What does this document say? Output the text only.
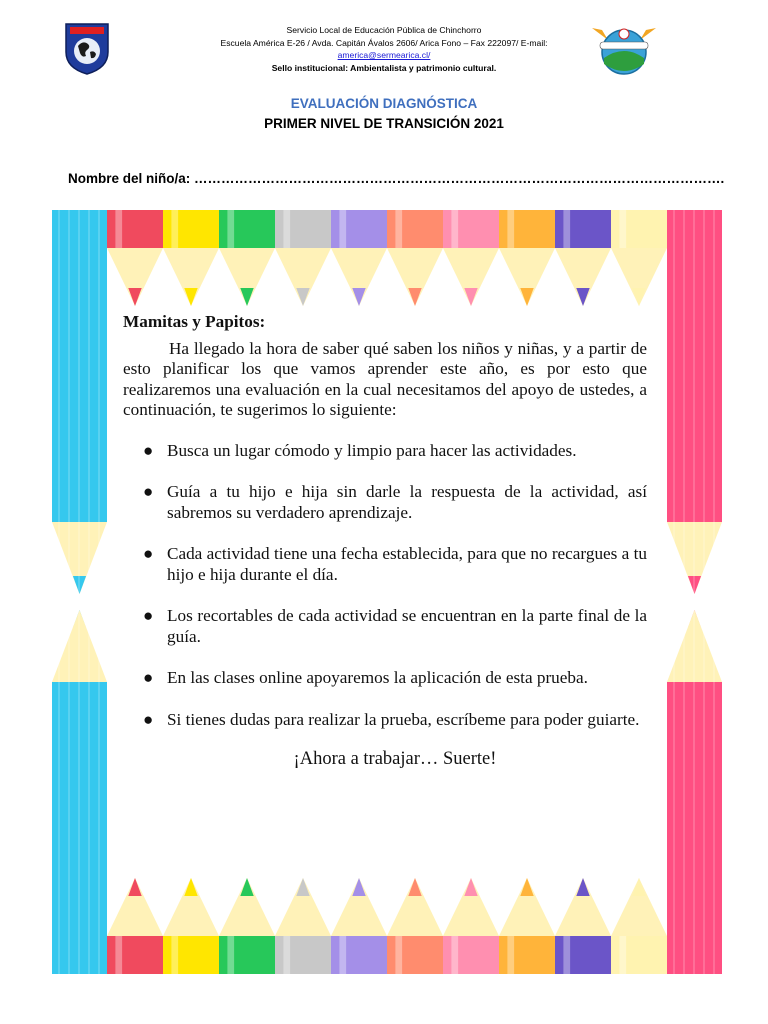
Servicio Local de Educación Pública de Chinchorro
Escuela América E-26 / Avda. Capitán Ávalos 2606/ Arica Fono – Fax 222097/ E-mail:
america@sermearica.cl/
Sello institucional: Ambientalista y patrimonio cultural.
EVALUACIÓN DIAGNÓSTICA
PRIMER NIVEL DE TRANSICIÓN 2021
Nombre del niño/a: ……………………………………………………………………………………………………….

Mamitas y Papitos:

Ha llegado la hora de saber qué saben los niños y niñas, y a partir de esto planificar los que vamos aprender este año, es por esto que realizaremos una evaluación en la cual necesitamos del apoyo de ustedes, a continuación, te sugerimos lo siguiente:

● Busca un lugar cómodo y limpio para hacer las actividades.
● Guía a tu hijo e hija sin darle la respuesta de la actividad, así sabremos su verdadero aprendizaje.
● Cada actividad tiene una fecha establecida, para que no recargues a tu hijo e hija durante el día.
● Los recortables de cada actividad se encuentran en la parte final de la guía.
● En las clases online apoyaremos la aplicación de esta prueba.
● Si tienes dudas para realizar la prueba, escríbeme para poder guiarte.
¡Ahora a trabajar… Suerte!
